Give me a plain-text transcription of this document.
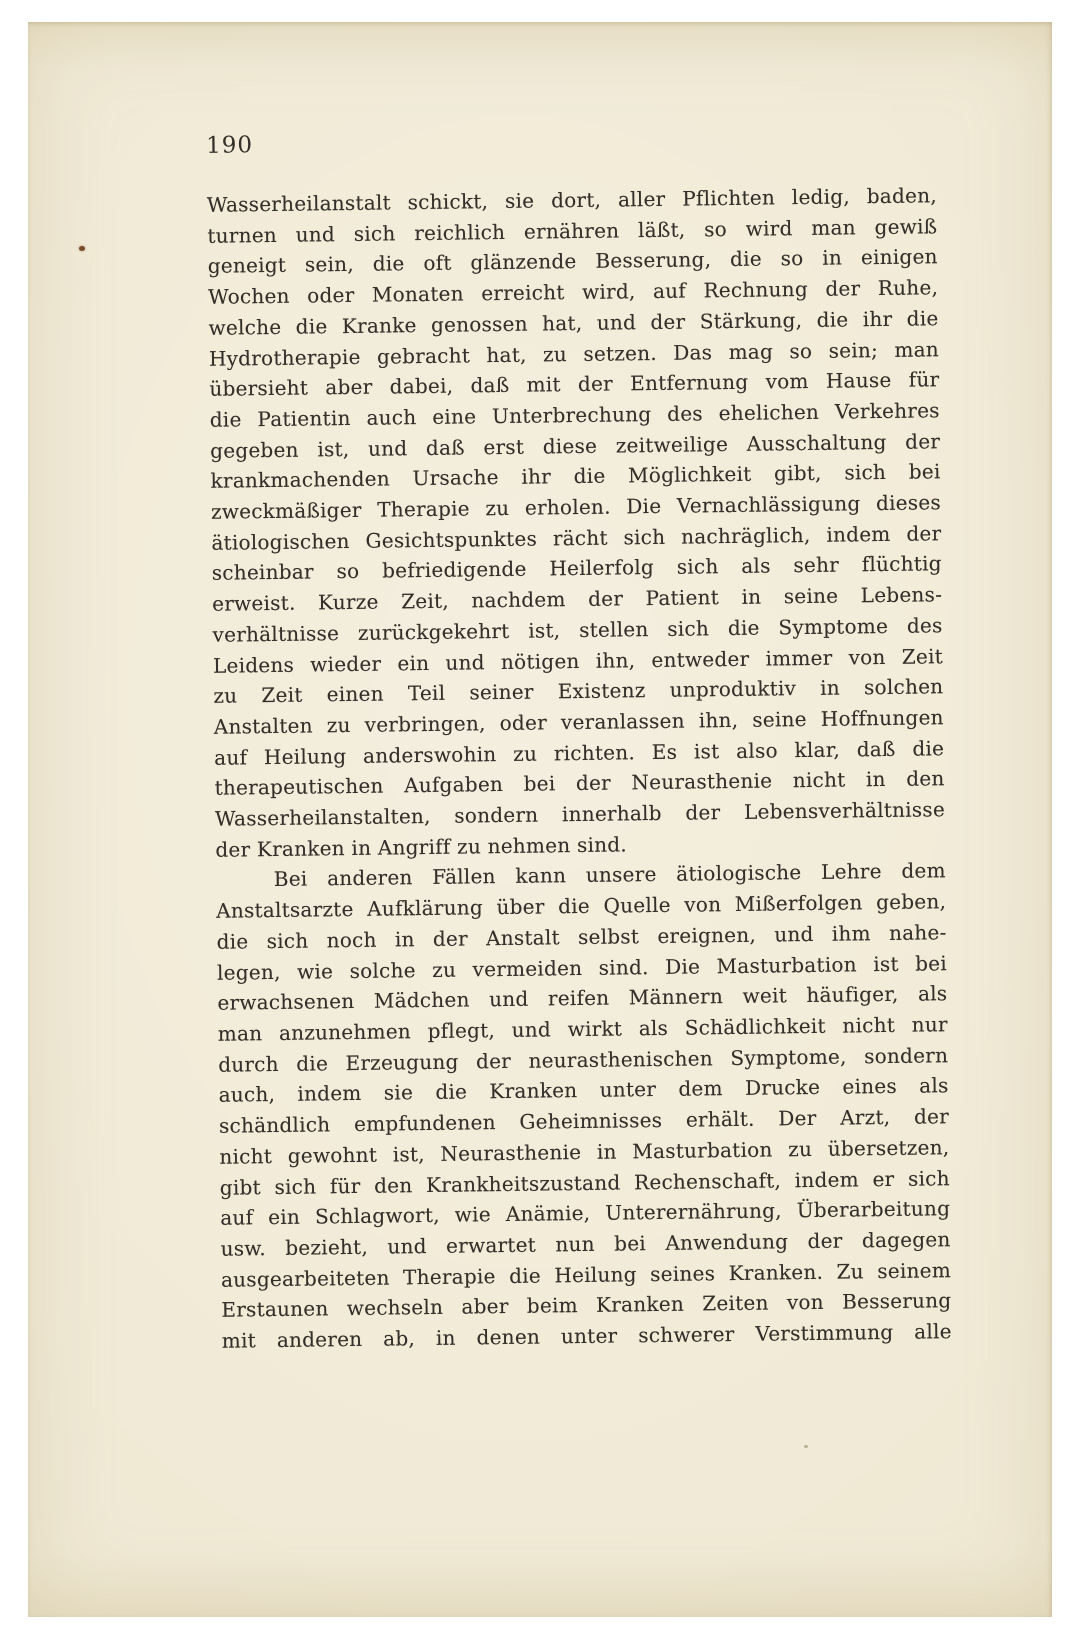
190
Wasserheilanstalt schickt, sie dort, aller Pflichten ledig, baden,
turnen und sich reichlich ernähren läßt, so wird man gewiß
geneigt sein, die oft glänzende Besserung, die so in einigen
Wochen oder Monaten erreicht wird, auf Rechnung der Ruhe,
welche die Kranke genossen hat, und der Stärkung, die ihr die
Hydrotherapie gebracht hat, zu setzen. Das mag so sein; man
übersieht aber dabei, daß mit der Entfernung vom Hause für
die Patientin auch eine Unterbrechung des ehelichen Verkehres
gegeben ist, und daß erst diese zeitweilige Ausschaltung der
krankmachenden Ursache ihr die Möglichkeit gibt, sich bei
zweckmäßiger Therapie zu erholen. Die Vernachlässigung dieses
ätiologischen Gesichtspunktes rächt sich nachräglich, indem der
scheinbar so befriedigende Heilerfolg sich als sehr flüchtig
erweist. Kurze Zeit, nachdem der Patient in seine Lebens-
verhältnisse zurückgekehrt ist, stellen sich die Symptome des
Leidens wieder ein und nötigen ihn, entweder immer von Zeit
zu Zeit einen Teil seiner Existenz unproduktiv in solchen
Anstalten zu verbringen, oder veranlassen ihn, seine Hoffnungen
auf Heilung anderswohin zu richten. Es ist also klar, daß die
therapeutischen Aufgaben bei der Neurasthenie nicht in den
Wasserheilanstalten, sondern innerhalb der Lebensverhältnisse
der Kranken in Angriff zu nehmen sind.
Bei anderen Fällen kann unsere ätiologische Lehre dem
Anstaltsarzte Aufklärung über die Quelle von Mißerfolgen geben,
die sich noch in der Anstalt selbst ereignen, und ihm nahe-
legen, wie solche zu vermeiden sind. Die Masturbation ist bei
erwachsenen Mädchen und reifen Männern weit häufiger, als
man anzunehmen pflegt, und wirkt als Schädlichkeit nicht nur
durch die Erzeugung der neurasthenischen Symptome, sondern
auch, indem sie die Kranken unter dem Drucke eines als
schändlich empfundenen Geheimnisses erhält. Der Arzt, der
nicht gewohnt ist, Neurasthenie in Masturbation zu übersetzen,
gibt sich für den Krankheitszustand Rechenschaft, indem er sich
auf ein Schlagwort, wie Anämie, Unterernährung, Überarbeitung
usw. bezieht, und erwartet nun bei Anwendung der dagegen
ausgearbeiteten Therapie die Heilung seines Kranken. Zu seinem
Erstaunen wechseln aber beim Kranken Zeiten von Besserung
mit anderen ab, in denen unter schwerer Verstimmung alle
